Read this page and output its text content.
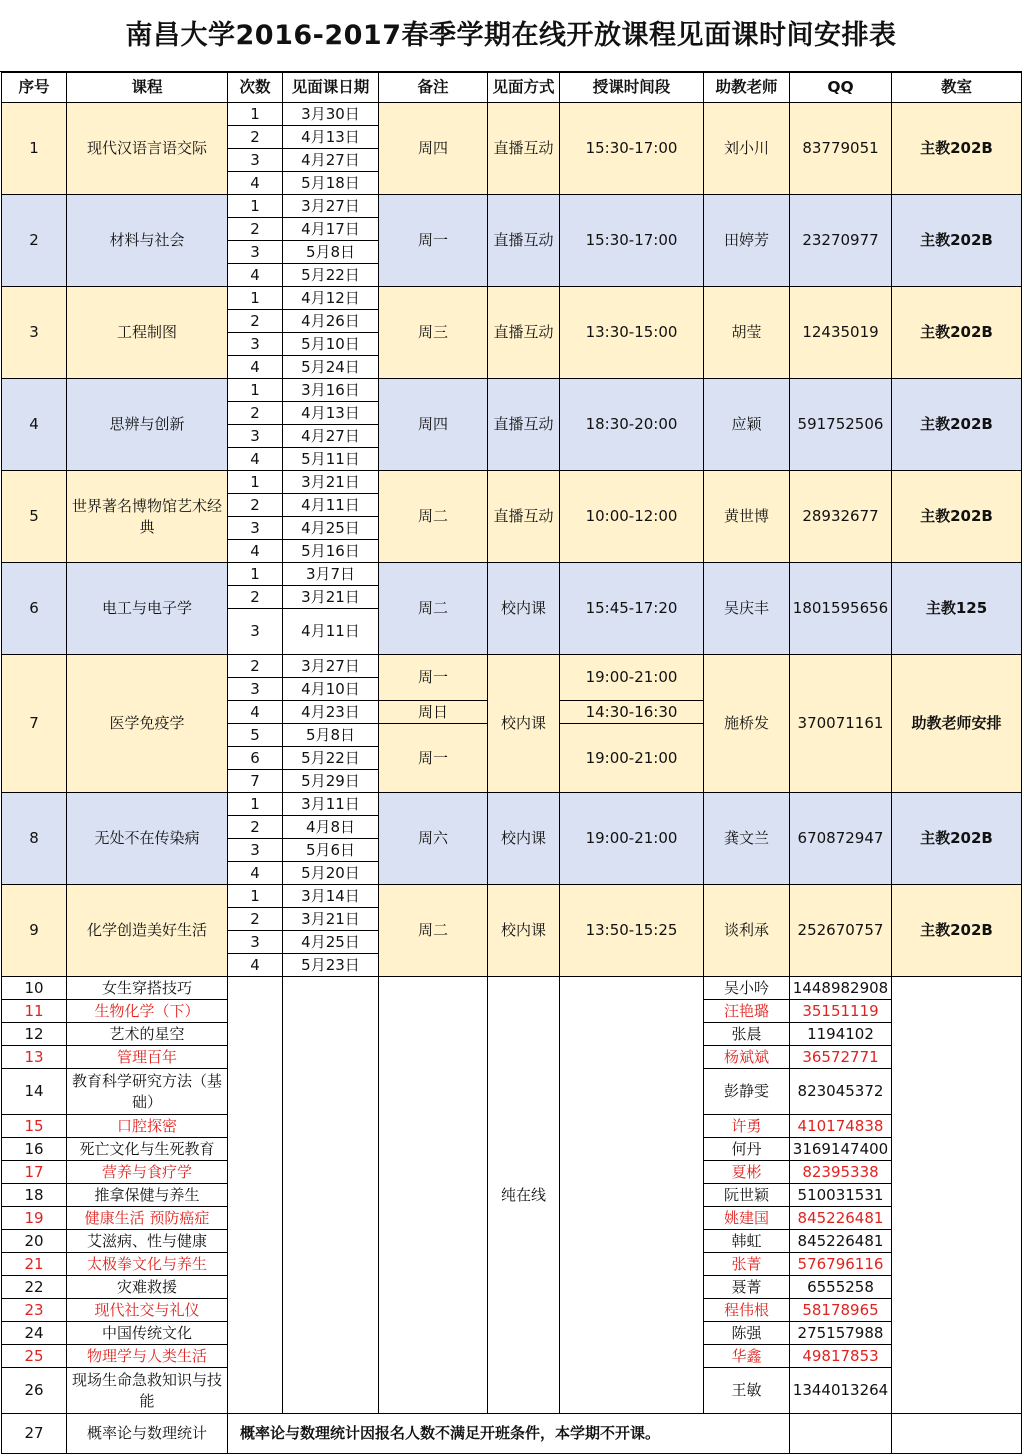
南昌大学2016-2017春季学期在线开放课程见面课时间安排表
序号	课程	次数	见面课日期	备注	见面方式	授课时间段	助教老师	QQ	教室
1	现代汉语言语交际	1	3月30日	周四	直播互动	15:30-17:00	刘小川	83779051	主教202B
		2	4月13日						
		3	4月27日						
		4	5月18日						
2	材料与社会	1	3月27日	周一	直播互动	15:30-17:00	田婷芳	23270977	主教202B
		2	4月17日						
		3	5月8日						
		4	5月22日						
3	工程制图	1	4月12日	周三	直播互动	13:30-15:00	胡莹	12435019	主教202B
		2	4月26日						
		3	5月10日						
		4	5月24日						
4	思辨与创新	1	3月16日	周四	直播互动	18:30-20:00	应颖	591752506	主教202B
		2	4月13日						
		3	4月27日						
		4	5月11日						
5	世界著名博物馆艺术经典	1	3月21日	周二	直播互动	10:00-12:00	黄世博	28932677	主教202B
		2	4月11日						
		3	4月25日						
		4	5月16日						
6	电工与电子学	1	3月7日	周二	校内课	15:45-17:20	吴庆丰	1801595656	主教125
		2	3月21日						
		3	4月11日						
7	医学免疫学	2	3月27日	周一	校内课	19:00-21:00	施桥发	370071161	助教老师安排
		3	4月10日						
		4	4月23日	周日		14:30-16:30			
		5	5月8日	周一		19:00-21:00			
		6	5月22日						
		7	5月29日						
8	无处不在传染病	1	3月11日	周六	校内课	19:00-21:00	龚文兰	670872947	主教202B
		2	4月8日						
		3	5月6日						
		4	5月20日						
9	化学创造美好生活	1	3月14日	周二	校内课	13:50-15:25	谈利承	252670757	主教202B
		2	3月21日						
		3	4月25日						
		4	5月23日						
10	女生穿搭技巧				纯在线		吴小吟	1448982908	
11	生物化学（下）						汪艳璐	35151119	
12	艺术的星空						张晨	1194102	
13	管理百年						杨斌斌	36572771	
14	教育科学研究方法（基础）						彭静雯	823045372	
15	口腔探密						许勇	410174838	
16	死亡文化与生死教育						何丹	3169147400	
17	营养与食疗学						夏彬	82395338	
18	推拿保健与养生						阮世颖	510031531	
19	健康生活 预防癌症						姚建国	845226481	
20	艾滋病、性与健康						韩虹	845226481	
21	太极拳文化与养生						张菁	576796116	
22	灾难救援						聂菁	6555258	
23	现代社交与礼仪						程伟根	58178965	
24	中国传统文化						陈强	275157988	
25	物理学与人类生活						华鑫	49817853	
26	现场生命急救知识与技能						王敏	1344013264	
27	概率论与数理统计	概率论与数理统计因报名人数不满足开班条件，本学期不开课。							
